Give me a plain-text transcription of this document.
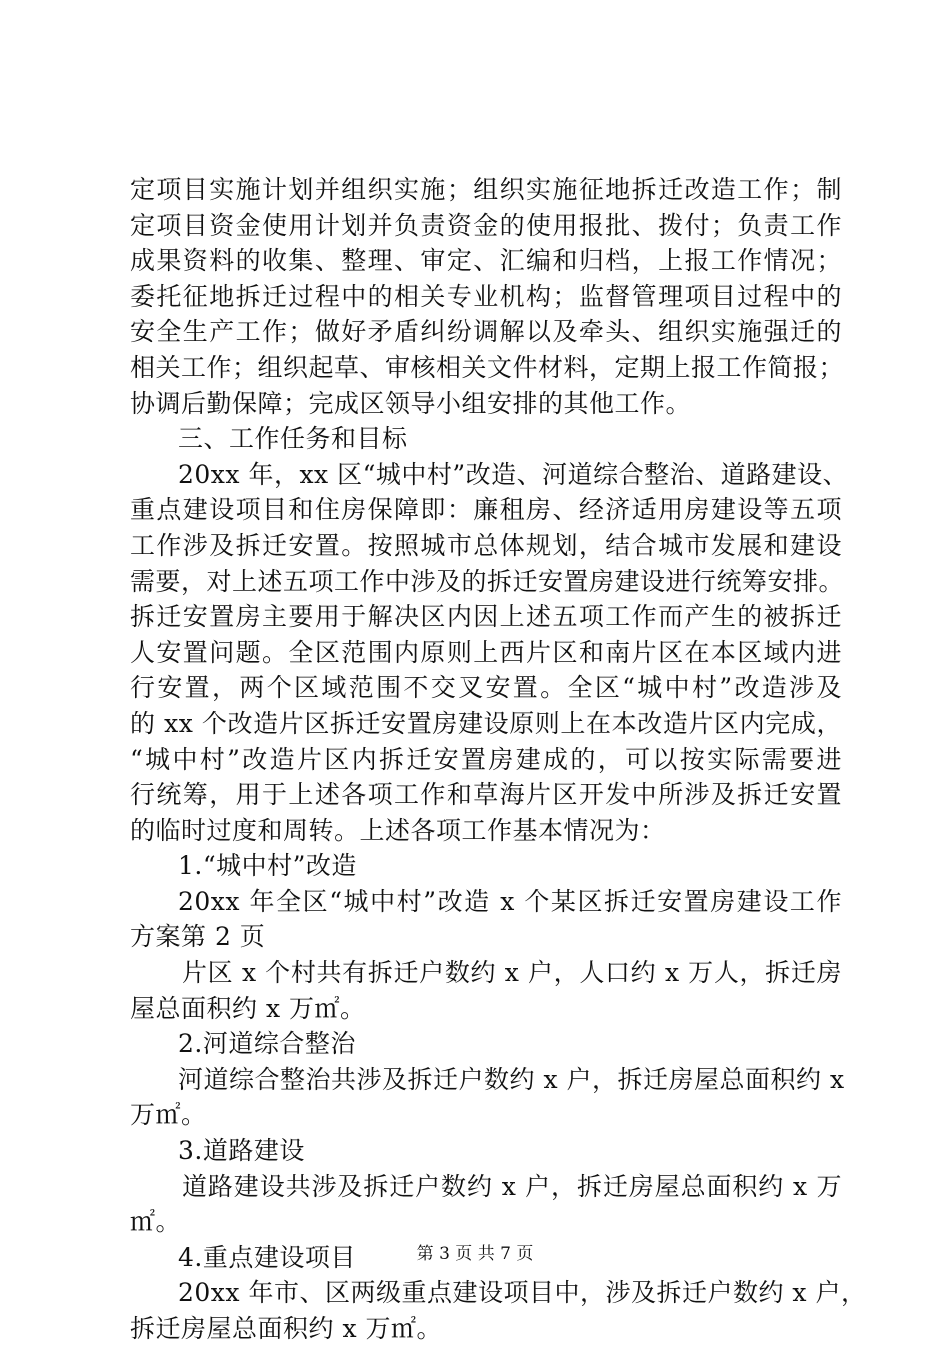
定项目实施计划并组织实施；组织实施征地拆迁改造工作；制
定项目资金使用计划并负责资金的使用报批、拨付；负责工作
成果资料的收集、整理、审定、汇编和归档，上报工作情况；
委托征地拆迁过程中的相关专业机构；监督管理项目过程中的
安全生产工作；做好矛盾纠纷调解以及牵头、组织实施强迁的
相关工作；组织起草、审核相关文件材料，定期上报工作简报；
协调后勤保障；完成区领导小组安排的其他工作。
三、工作任务和目标
20xx 年，xx 区“城中村”改造、河道综合整治、道路建设、
重点建设项目和住房保障即：廉租房、经济适用房建设等五项
工作涉及拆迁安置。按照城市总体规划，结合城市发展和建设
需要，对上述五项工作中涉及的拆迁安置房建设进行统筹安排。
拆迁安置房主要用于解决区内因上述五项工作而产生的被拆迁
人安置问题。全区范围内原则上西片区和南片区在本区域内进
行安置，两个区域范围不交叉安置。全区“城中村”改造涉及
的 xx 个改造片区拆迁安置房建设原则上在本改造片区内完成，
“城中村”改造片区内拆迁安置房建成的，可以按实际需要进
行统筹，用于上述各项工作和草海片区开发中所涉及拆迁安置
的临时过度和周转。上述各项工作基本情况为：
1.“城中村”改造
20xx 年全区“城中村”改造 x 个某区拆迁安置房建设工作
方案第 2 页
片区 x 个村共有拆迁户数约 x 户，人口约 x 万人，拆迁房
屋总面积约 x 万㎡。
2.河道综合整治
河道综合整治共涉及拆迁户数约 x 户，拆迁房屋总面积约 x
万㎡。
3.道路建设
道路建设共涉及拆迁户数约 x 户，拆迁房屋总面积约 x 万
㎡。
4.重点建设项目
20xx 年市、区两级重点建设项目中，涉及拆迁户数约 x 户，
拆迁房屋总面积约 x 万㎡。
第 3 页 共 7 页
